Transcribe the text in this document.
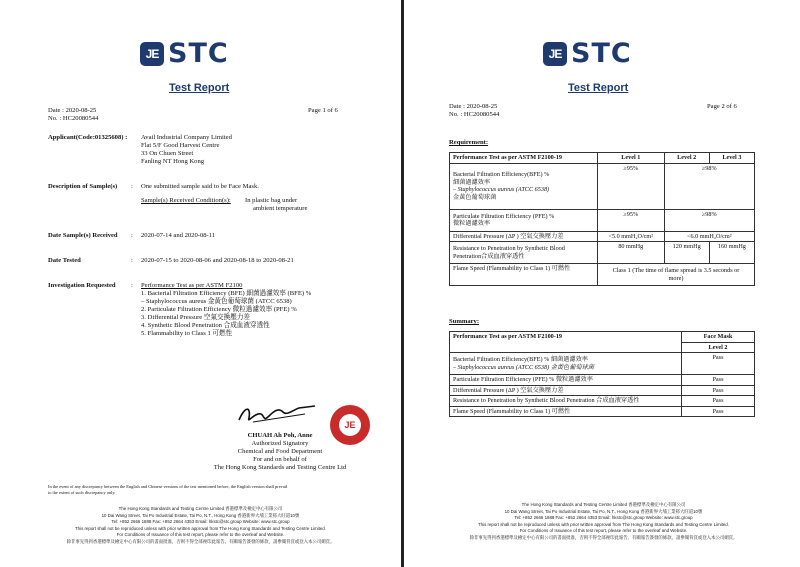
JE STC
Test Report
Date : 2020-08-25
No. : HC20080544
Page 1 of 6
Applicant(Code:01325608) : Avail Industrial Company Limited
Flat 5/F Good Harvest Centre
33 On Chuen Street
Fanling NT Hong Kong
Description of Sample(s) : One submitted sample said to be Face Mask.
Sample(s) Received Condition(s): In plastic bag under
ambient temperature
Date Sample(s) Received : 2020-07-14 and 2020-08-11
Date Tested	: 2020-07-15 to 2020-08-06 and 2020-08-18 to 2020-08-21
Investigation Requested : Performance Test as per ASTM F2100
1. Bacterial Filtration Efficiency (BFE) 細菌過濾效率 (BFE) %
– Staphylococcus aureus 金黃色葡萄球菌 (ATCC 6538)
2. Particulate Filtration Efficiency 微粒過濾效率 (PFE) %
3. Differential Pressure 空氣交換壓力差
4. Synthetic Blood Penetration 合成血液穿透性
5. Flammability to Class 1 可燃性
JE
CHUAH Ah Poh, Anne
Authorized Signatory
Chemical and Food Department
For and on behalf of
The Hong Kong Standards and Testing Centre Ltd
In the event of any discrepancy between the English and Chinese versions of the test mentioned before, the English version shall prevail
to the extent of such discrepancy only.
The Hong Kong Standards and Testing Centre Limited 香港標準及檢定中心有限公司
10 Dai Wang Street, Tai Po Industrial Estate, Tai Po, N.T., Hong Kong 香港新界大埔工業邨大旺道10號
Tel: +852 2666 1888 Fax: +852 2664 4353 Email: hkstc@stc.group Website: www.stc.group
This report shall not be reproduced unless with prior written approval from The Hong Kong Standards and Testing Centre Limited.
For Conditions of Issuance of this test report, please refer to the overleaf and Website.
除非事先得到香港標準及檢定中心有限公司的書面批准，否則不得全部複印此報告。有關報告簽發的條款，請參閱背頁或登入本公司網頁。
JE STC
Test Report
Date : 2020-08-25
No. : HC20080544
Page 2 of 6
Requirement:
Performance Test as per ASTM F2100-19	Level 1	Level 2	Level 3

Bacterial Filtration Efficiency(BFE) %
細菌過濾效率
– Staphylococcus aureus (ATCC 6538)
金黃色葡萄球菌	≥95%	≥98%	

Particulate Filtration Efficiency (PFE) %
微粒過濾效率	≥95%	≥98%	
Differential Pressure (ΔP ) 空氣交換壓力差	<5.0 mmH₂O/cm²	<6.0 mmH₂O/cm²	

Resistance to Penetration by Synthetic Blood
Penetration合成血液穿透性	80 mmHg	120 mmHg	160 mmHg
Flame Speed (Flammability to Class 1) 可燃性	Class 1 (The time of flame spread is 3.5 seconds or
more)		
Summary:
Performance Test as per ASTM F2100-19	Face Mask
	Level 2

Bacterial Filtration Efficiency(BFE) % 細菌過濾效率
– Staphylococcus aureus (ATCC 6538) 金黃色葡萄球菌	Pass
Particulate Filtration Efficiency (PFE) % 微粒過濾效率	Pass
Differential Pressure (ΔP ) 空氣交換壓力差	Pass
Resistance to Penetration by Synthetic Blood Penetration 合成血液穿透性	Pass
Flame Speed (Flammability to Class 1) 可燃性	Pass
The Hong Kong Standards and Testing Centre Limited 香港標準及檢定中心有限公司
10 Dai Wang Street, Tai Po Industrial Estate, Tai Po, N.T., Hong Kong 香港新界大埔工業邨大旺道10號
Tel: +852 2666 1888 Fax: +852 2664 4353 Email: hkstc@stc.group Website: www.stc.group
This report shall not be reproduced unless with prior written approval from The Hong Kong Standards and Testing Centre Limited.
For Conditions of Issuance of this test report, please refer to the overleaf and Website.
除非事先得到香港標準及檢定中心有限公司的書面批准，否則不得全部複印此報告。有關報告簽發的條款，請參閱背頁或登入本公司網頁。
